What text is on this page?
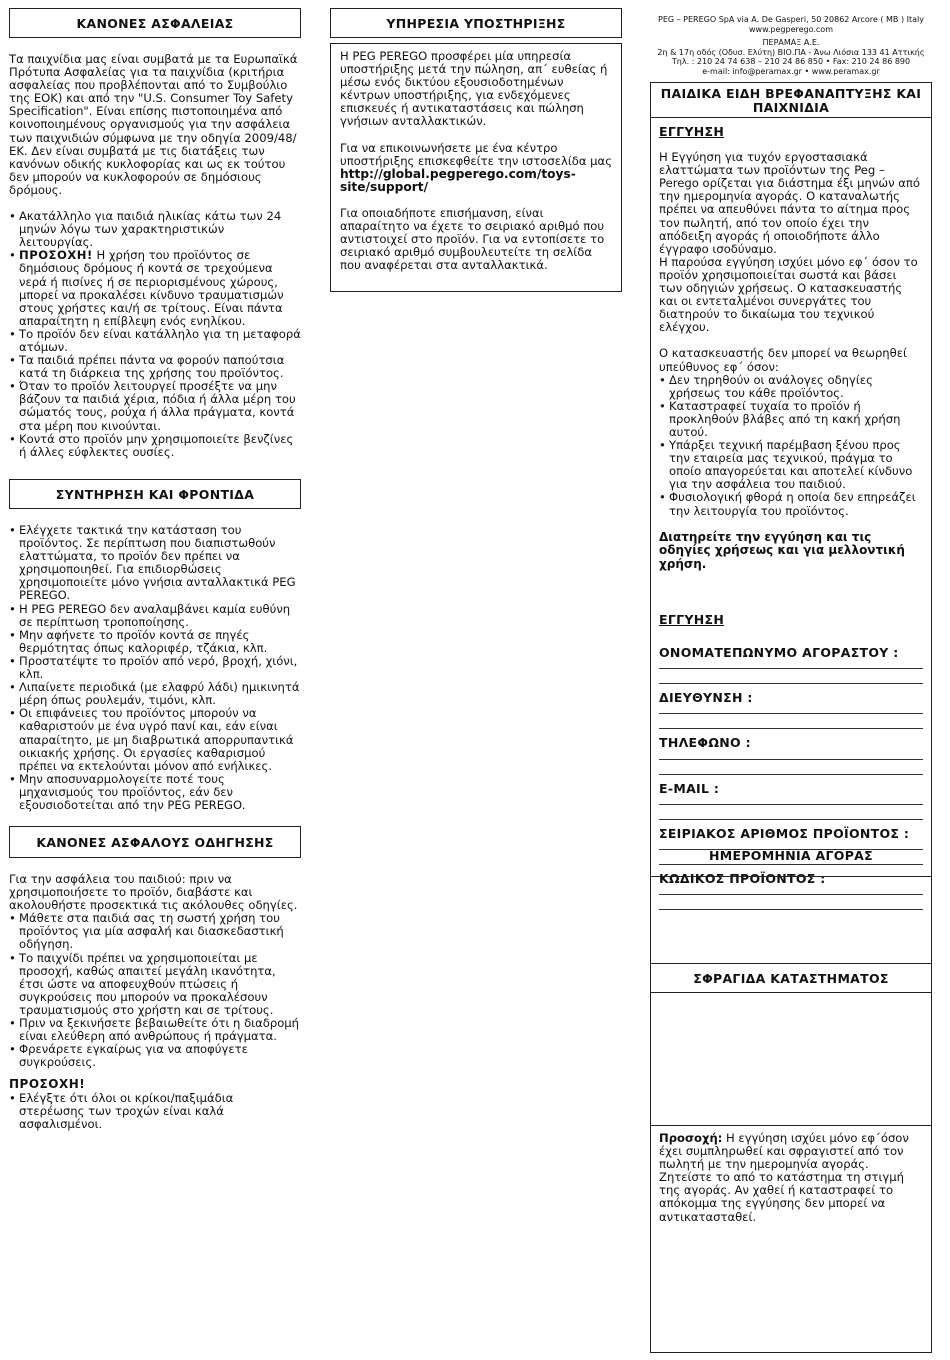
ΚΑΝΟΝΕΣ ΑΣΦΑΛΕΙΑΣ

Τα παιχνίδια μας είναι συμβατά με τα Ευρωπαϊκά Πρότυπα Ασφαλείας για τα παιχνίδια (κριτήρια ασφαλείας που προβλέπονται από το Συμβούλιο της ΕΟΚ) και από την "U.S. Consumer Toy Safety Specification". Είναι επίσης πιστοποιημένα από κοινοποιημένους οργανισμούς για την ασφάλεια των παιχνιδιών σύμφωνα με την οδηγία 2009/48/ΕΚ. Δεν είναι συμβατά με τις διατάξεις των κανόνων οδικής κυκλοφορίας και ως εκ τούτου δεν μπορούν να κυκλοφορούν σε δημόσιους δρόμους.

• Ακατάλληλο για παιδιά ηλικίας κάτω των 24 μηνών λόγω των χαρακτηριστικών λειτουργίας.
• ΠΡΟΣΟΧΗ! Η χρήση του προϊόντος σε δημόσιους δρόμους ή κοντά σε τρεχούμενα νερά ή πισίνες ή σε περιορισμένους χώρους, μπορεί να προκαλέσει κίνδυνο τραυματισμών στους χρήστες και/ή σε τρίτους. Είναι πάντα απαραίτητη η επίβλεψη ενός ενηλίκου.
• Το προϊόν δεν είναι κατάλληλο για τη μεταφορά ατόμων.
• Τα παιδιά πρέπει πάντα να φορούν παπούτσια κατά τη διάρκεια της χρήσης του προϊόντος.
• Όταν το προϊόν λειτουργεί προσέξτε να μην βάζουν τα παιδιά χέρια, πόδια ή άλλα μέρη του σώματός τους, ρούχα ή άλλα πράγματα, κοντά στα μέρη που κινούνται.
• Κοντά στο προϊόν μην χρησιμοποιείτε βενζίνες ή άλλες εύφλεκτες ουσίες.
ΣΥΝΤΗΡΗΣΗ ΚΑΙ ΦΡΟΝΤΙΔΑ
• Ελέγχετε τακτικά την κατάσταση του προϊόντος. Σε περίπτωση που διαπιστωθούν ελαττώματα, το προϊόν δεν πρέπει να χρησιμοποιηθεί. Για επιδιορθώσεις χρησιμοποιείτε μόνο γνήσια ανταλλακτικά PEG PEREGO.
• Η PEG PEREGO δεν αναλαμβάνει καμία ευθύνη σε περίπτωση τροποποίησης.
• Μην αφήνετε το προϊόν κοντά σε πηγές θερμότητας όπως καλοριφέρ, τζάκια, κλπ.
• Προστατέψτε το προϊόν από νερό, βροχή, χιόνι, κλπ.
• Λιπαίνετε περιοδικά (με ελαφρύ λάδι) ημικινητά μέρη όπως ρουλεμάν, τιμόνι, κλπ.
• Οι επιφάνειες του προϊόντος μπορούν να καθαριστούν με ένα υγρό πανί και, εάν είναι απαραίτητο, με μη διαβρωτικά απορρυπαντικά οικιακής χρήσης. Οι εργασίες καθαρισμού πρέπει να εκτελούνται μόνον από ενήλικες.
• Μην αποσυναρμολογείτε ποτέ τους μηχανισμούς του προϊόντος, εάν δεν εξουσιοδοτείται από την PEG PEREGO.
ΚΑΝΟΝΕΣ ΑΣΦΑΛΟΥΣ ΟΔΗΓΗΣΗΣ

Για την ασφάλεια του παιδιού: πριν να χρησιμοποιήσετε το προϊόν, διαβάστε και ακολουθήστε προσεκτικά τις ακόλουθες οδηγίες.

• Μάθετε στα παιδιά σας τη σωστή χρήση του προϊόντος για μία ασφαλή και διασκεδαστική οδήγηση.
• Το παιχνίδι πρέπει να χρησιμοποιείται με προσοχή, καθώς απαιτεί μεγάλη ικανότητα, έτσι ώστε να αποφευχθούν πτώσεις ή συγκρούσεις που μπορούν να προκαλέσουν τραυματισμούς στο χρήστη και σε τρίτους.
• Πριν να ξεκινήσετε βεβαιωθείτε ότι η διαδρομή είναι ελεύθερη από ανθρώπους ή πράγματα.
• Φρενάρετε εγκαίρως για να αποφύγετε συγκρούσεις.

ΠΡΟΣΟΧΗ!

• Ελέγξτε ότι όλοι οι κρίκοι/παξιμάδια στερέωσης των τροχών είναι καλά ασφαλισμένοι.
ΥΠΗΡΕΣΙΑ ΥΠΟΣΤΗΡΙΞΗΣ

Η PEG PEREGO προσφέρει μία υπηρεσία υποστήριξης μετά την πώληση, απ΄ ευθείας ή μέσω ενός δικτύου εξουσιοδοτημένων κέντρων υποστήριξης, για ενδεχόμενες επισκευές ή αντικαταστάσεις και πώληση γνήσιων ανταλλακτικών.

Για να επικοινωνήσετε με ένα κέντρο υποστήριξης επισκεφθείτε την ιστοσελίδα μας

http://global.pegperego.com/toys-site/support/

Για οποιαδήποτε επισήμανση, είναι απαραίτητο να έχετε το σειριακό αριθμό που αντιστοιχεί στο προϊόν. Για να εντοπίσετε το σειριακό αριθμό συμβουλευτείτε τη σελίδα που αναφέρεται στα ανταλλακτικά.

PEG – PEREGO SpA via A. De Gasperi, 50 20862 Arcore ( MB ) Italy
www.pegperego.com
ΠΕΡΑΜΑΞ Α.Ε.
2η & 17η οδός (Οδυσ. Ελύτη) ΒΙΟ.ΠΑ - Άνω Λιόσια 133 41 Αττικής
Τηλ. : 210 24 74 638 – 210 24 86 850 • Fax: 210 24 86 890
e-mail: info@peramax.gr • www.peramax.gr
ΠΑΙΔΙΚΑ ΕΙΔΗ ΒΡΕΦΑΝΑΠΤΥΞΗΣ ΚΑΙ ΠΑΙΧΝΙΔΙΑ

ΕΓΓΥΗΣΗ

Η Εγγύηση για τυχόν εργοστασιακά ελαττώματα των προϊόντων της Peg – Perego ορίζεται για διάστημα έξι μηνών από την ημερομηνία αγοράς. Ο καταναλωτής πρέπει να απευθύνει πάντα το αίτημα προς τον πωλητή, από τον οποίο έχει την απόδειξη αγοράς ή οποιοδήποτε άλλο έγγραφο ισοδύναμο.

Η παρούσα εγγύηση ισχύει μόνο εφ΄ όσον το προϊόν χρησιμοποιείται σωστά και βάσει των οδηγιών χρήσεως. Ο κατασκευαστής και οι εντεταλμένοι συνεργάτες του διατηρούν το δικαίωμα του τεχνικού ελέγχου.

Ο κατασκευαστής δεν μπορεί να θεωρηθεί υπεύθυνος εφ΄ όσον:

• Δεν τηρηθούν οι ανάλογες οδηγίες χρήσεως του κάθε προϊόντος.
• Καταστραφεί τυχαία το προϊόν ή προκληθούν βλάβες από τη κακή χρήση αυτού.
• Υπάρξει τεχνική παρέμβαση ξένου προς την εταιρεία μας τεχνικού, πράγμα το οποίο απαγορεύεται και αποτελεί κίνδυνο για την ασφάλεια του παιδιού.
• Φυσιολογική φθορά η οποία δεν επηρεάζει την λειτουργία του προϊόντος.

Διατηρείτε την εγγύηση και τις οδηγίες χρήσεως και για μελλοντική χρήση.

ΕΓΓΥΗΣΗ

ΟΝΟΜΑΤΕΠΩΝΥΜΟ ΑΓΟΡΑΣΤΟΥ :

ΔΙΕΥΘΥΝΣΗ :

ΤΗΛΕΦΩΝΟ :

E-MAIL :

ΣΕΙΡΙΑΚΟΣ ΑΡΙΘΜΟΣ ΠΡΟΪΟΝΤΟΣ :

ΚΩΔΙΚΟΣ ΠΡΟΪΟΝΤΟΣ :

ΗΜΕΡΟΜΗΝΙΑ ΑΓΟΡΑΣ
ΣΦΡΑΓΙΔΑ ΚΑΤΑΣΤΗΜΑΤΟΣ

Προσοχή: Η εγγύηση ισχύει μόνο εφ΄όσον έχει συμπληρωθεί και σφραγιστεί από τον πωλητή με την ημερομηνία αγοράς. Ζητείστε το από το κατάστημα τη στιγμή της αγοράς. Αν χαθεί ή καταστραφεί το απόκομμα της εγγύησης δεν μπορεί να αντικατασταθεί.
